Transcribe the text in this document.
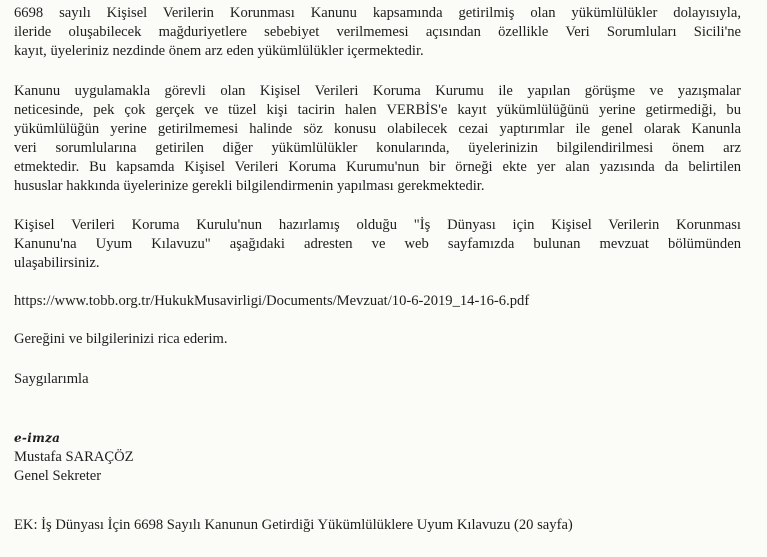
6698 sayılı Kişisel Verilerin Korunması Kanunu kapsamında getirilmiş olan yükümlülükler dolayısıyla,
ileride oluşabilecek mağduriyetlere sebebiyet verilmemesi açısından özellikle Veri Sorumluları Sicili'ne
kayıt, üyeleriniz nezdinde önem arz eden yükümlülükler içermektedir.
Kanunu uygulamakla görevli olan Kişisel Verileri Koruma Kurumu ile yapılan görüşme ve yazışmalar
neticesinde, pek çok gerçek ve tüzel kişi tacirin halen VERBİS'e kayıt yükümlülüğünü yerine getirmediği, bu
yükümlülüğün yerine getirilmemesi halinde söz konusu olabilecek cezai yaptırımlar ile genel olarak Kanunla
veri sorumlularına getirilen diğer yükümlülükler konularında, üyelerinizin bilgilendirilmesi önem arz
etmektedir. Bu kapsamda Kişisel Verileri Koruma Kurumu'nun bir örneği ekte yer alan yazısında da belirtilen
hususlar hakkında üyelerinize gerekli bilgilendirmenin yapılması gerekmektedir.
Kişisel Verileri Koruma Kurulu'nun hazırlamış olduğu "İş Dünyası için Kişisel Verilerin Korunması
Kanunu'na Uyum Kılavuzu" aşağıdaki adresten ve web sayfamızda bulunan mevzuat bölümünden
ulaşabilirsiniz.
https://www.tobb.org.tr/HukukMusavirligi/Documents/Mevzuat/10-6-2019_14-16-6.pdf
Gereğini ve bilgilerinizi rica ederim.
Saygılarımla
e-imza
Mustafa SARAÇÖZ
Genel Sekreter
EK: İş Dünyası İçin 6698 Sayılı Kanunun Getirdiği Yükümlülüklere Uyum Kılavuzu (20 sayfa)
